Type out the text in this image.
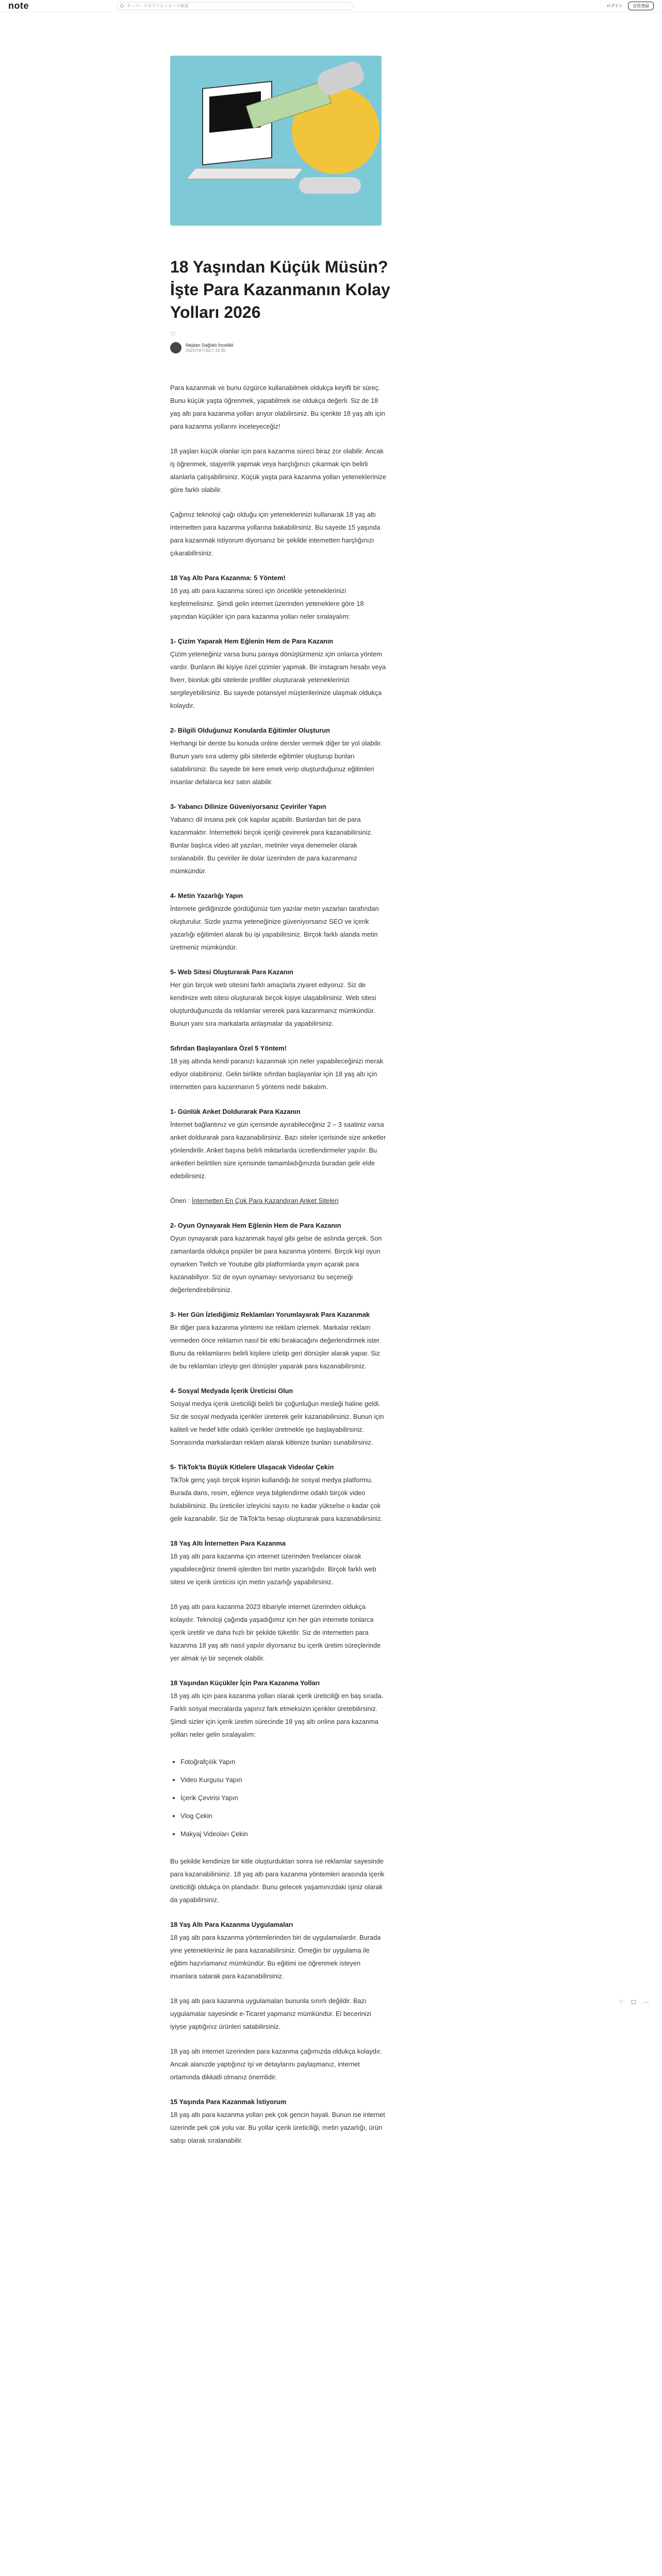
note	キーワードやクリエイターで検索	ログイン	会員登録
18 Yaşından Küçük Müsün? İşte Para Kazanmanın Kolay Yolları 2026
♡
Nejdan Sağlıklı İncelikli
2025年8月30日 15:35

Para kazanmak ve bunu özgürce kullanabilmek oldukça keyifli bir süreç. Bunu küçük yaşta öğrenmek, yapabilmek ise oldukça değerli. Siz de 18 yaş altı para kazanma yolları arıyor olabilirsiniz. Bu içerikte 18 yaş altı için para kazanma yollarını inceleyeceğiz!

18 yaşları küçük olanlar için para kazanma süreci biraz zor olabilir. Ancak iş öğrenmek, stajyerlik yapmak veya harçlığınızı çıkarmak için belirli alanlarla çalışabilirsiniz. Küçük yaşta para kazanma yolları yeteneklerinize göre farklı olabilir.

Çağımız teknoloji çağı olduğu için yeteneklerinizi kullanarak 18 yaş altı internetten para kazanma yollarına bakabilirsiniz. Bu sayede 15 yaşında para kazanmak istiyorum diyorsanız bir şekilde internetten harçlığınızı çıkarabilirsiniz.

18 Yaş Altı Para Kazanma: 5 Yöntem!

18 yaş altı para kazanma süreci için öncelikle yeteneklerinizi keşfetmelisiniz. Şimdi gelin internet üzerinden yeteneklere göre 18 yaşından küçükler için para kazanma yolları neler sıralayalım:

1- Çizim Yaparak Hem Eğlenin Hem de Para Kazanın

Çizim yeteneğiniz varsa bunu paraya dönüştürmeniz için onlarca yöntem vardır. Bunların ilki kişiye özel çizimler yapmak. Bir instagram hesabı veya fiverr, bionluk gibi sitelerde profiller oluşturarak yeteneklerinizi sergileyebilirsiniz. Bu sayede potansiyel müşterilerinize ulaşmak oldukça kolaydır.

2- Bilgili Olduğunuz Konularda Eğitimler Oluşturun

Herhangi bir derste bu konuda online dersler vermek diğer bir yol olabilir. Bunun yanı sıra udemy gibi sitelerde eğitimler oluşturup bunları satabilirsiniz. Bu sayede bir kere emek verip oluşturduğunuz eğitimleri insanlar defalarca kez satın alabilir.

3- Yabancı Dilinize Güveniyorsanız Çeviriler Yapın

Yabancı dil insana pek çok kapılar açabilir. Bunlardan biri de para kazanmaktır. İnternetteki birçok içeriği çevirerek para kazanabilirsiniz. Bunlar başlıca video alt yazıları, metinler veya denemeler olarak sıralanabilir. Bu çeviriler ile dolar üzerinden de para kazanmanız mümkündür.

4- Metin Yazarlığı Yapın

İnternete girdiğinizde gördüğünüz tüm yazılar metin yazarları tarafından oluşturulur. Sizde yazma yeteneğinize güveniyorsanız SEO ve içerik yazarlığı eğitimleri alarak bu işi yapabilirsiniz. Birçok farklı alanda metin üretmeniz mümkündür.

5- Web Sitesi Oluşturarak Para Kazanın

Her gün birçok web sitesini farklı amaçlarla ziyaret ediyoruz. Siz de kendinize web sitesi oluşturarak birçok kişiye ulaşabilirsiniz. Web sitesi oluşturduğunuzda da reklamlar vererek para kazanmanız mümkündür. Bunun yanı sıra markalarla anlaşmalar da yapabilirsiniz.

Sıfırdan Başlayanlara Özel 5 Yöntem!

18 yaş altında kendi paranızı kazanmak için neler yapabileceğinizi merak ediyor olabilirsiniz. Gelin birlikte sıfırdan başlayanlar için 18 yaş altı için internetten para kazanmanın 5 yöntemi nedir bakalım.

1- Günlük Anket Doldurarak Para Kazanın

İnternet bağlantınız ve gün içerisinde ayırabileceğiniz 2 – 3 saatiniz varsa anket doldurarak para kazanabilirsiniz. Bazı siteler içerisinde size anketler yönlendirilir. Anket başına belirli miktarlarda ücretlendirmeler yapılır. Bu anketleri belirtilen süre içerisinde tamamladığınızda buradan gelir elde edebilirsiniz.

Öneri : İnternetten En Çok Para Kazandıran Anket Siteleri

2- Oyun Oynayarak Hem Eğlenin Hem de Para Kazanın

Oyun oynayarak para kazanmak hayal gibi gelse de aslında gerçek. Son zamanlarda oldukça popüler bir para kazanma yöntemi. Birçok kişi oyun oynarken Twitch ve Youtube gibi platformlarda yayın açarak para kazanabiliyor. Siz de oyun oynamayı seviyorsanız bu seçeneği değerlendirebilirsiniz.

3- Her Gün İzlediğimiz Reklamları Yorumlayarak Para Kazanmak

Bir diğer para kazanma yöntemi ise reklam izlemek. Markalar reklam vermeden önce reklamın nasıl bir etki bırakacağını değerlendirmek ister. Bunu da reklamlarını belirli kişilere izletip geri dönüşler alarak yapar. Siz de bu reklamları izleyip geri dönüşler yaparak para kazanabilirsiniz.

4- Sosyal Medyada İçerik Üreticisi Olun

Sosyal medya içerik üreticiliği belirli bir çoğunluğun mesleği haline geldi. Siz de sosyal medyada içerikler üreterek gelir kazanabilirsiniz. Bunun için kaliteli ve hedef kitle odaklı içerikler üretmekle işe başlayabilirsiniz. Sonrasında markalardan reklam alarak kitlenize bunları sunabilirsiniz.

5- TikTok'ta Büyük Kitlelere Ulaşacak Videolar Çekin

TikTok genç yaşlı birçok kişinin kullandığı bir sosyal medya platformu. Burada dans, resim, eğlence veya bilgilendirme odaklı birçok video bulabilirsiniz. Bu üreticiler izleyicisi sayısı ne kadar yükselse o kadar çok gelir kazanabilir. Siz de TikTok'ta hesap oluşturarak para kazanabilirsiniz.

18 Yaş Altı İnternetten Para Kazanma

18 yaş altı para kazanma için internet üzerinden freelancer olarak yapabileceğiniz önemli işlerden biri metin yazarlığıdır. Birçok farklı web sitesi ve içerik üreticisi için metin yazarlığı yapabilirsiniz.

18 yaş altı para kazanma 2023 itibariyle internet üzerinden oldukça kolaydır. Teknoloji çağında yaşadığımız için her gün internete tonlarca içerik üretilir ve daha hızlı bir şekilde tüketilir. Siz de internetten para kazanma 18 yaş altı nasıl yapılır diyorsanız bu içerik üretim süreçlerinde yer almak iyi bir seçenek olabilir.

18 Yaşından Küçükler İçin Para Kazanma Yolları

18 yaş altı için para kazanma yolları olarak içerik üreticiliği en baş sırada. Farklı sosyal mecralarda yapınız fark etmeksizin içerikler üretebilirsiniz. Şimdi sizler için içerik üretim sürecinde 18 yaş altı online para kazanma yolları neler gelin sıralayalım:

• Fotoğrafçılık Yapın
• Video Kurgusu Yapın
• İçerik Çevirisi Yapın
• Vlog Çekin
• Makyaj Videoları Çekin

Bu şekilde kendinize bir kitle oluşturduktan sonra ise reklamlar sayesinde para kazanabilirsiniz. 18 yaş altı para kazanma yöntemleri arasında içerik üreticiliği oldukça ön plandadır. Bunu gelecek yaşamınızdaki işiniz olarak da yapabilirsiniz.

18 Yaş Altı Para Kazanma Uygulamaları

18 yaş altı para kazanma yöntemlerinden biri de uygulamalardır. Burada yine yetenekleriniz ile para kazanabilirsiniz. Örneğin bir uygulama ile eğitim hazırlamanız mümkündür. Bu eğitimi ise öğrenmek isteyen insanlara satarak para kazanabilirsiniz.

18 yaş altı para kazanma uygulamaları bununla sınırlı değildir. Bazı uygulamalar sayesinde e-Ticaret yapmanız mümkündür. El becerinizi iyiyse yaptığınız ürünleri satabilirsiniz.

18 yaş altı internet üzerinden para kazanma çağımızda oldukça kolaydır. Ancak alanızde yaptığınız işi ve detaylarını paylaşmanız, internet ortamında dikkatli olmanız önemlidir.

15 Yaşında Para Kazanmak İstiyorum

18 yaş altı para kazanma yolları pek çok gencin hayali. Bunun ise internet üzerinde pek çok yolu var. Bu yollar içerik üreticiliği, metin yazarlığı, ürün satışı olarak sıralanabilir.

♡ ☐ ⋯
